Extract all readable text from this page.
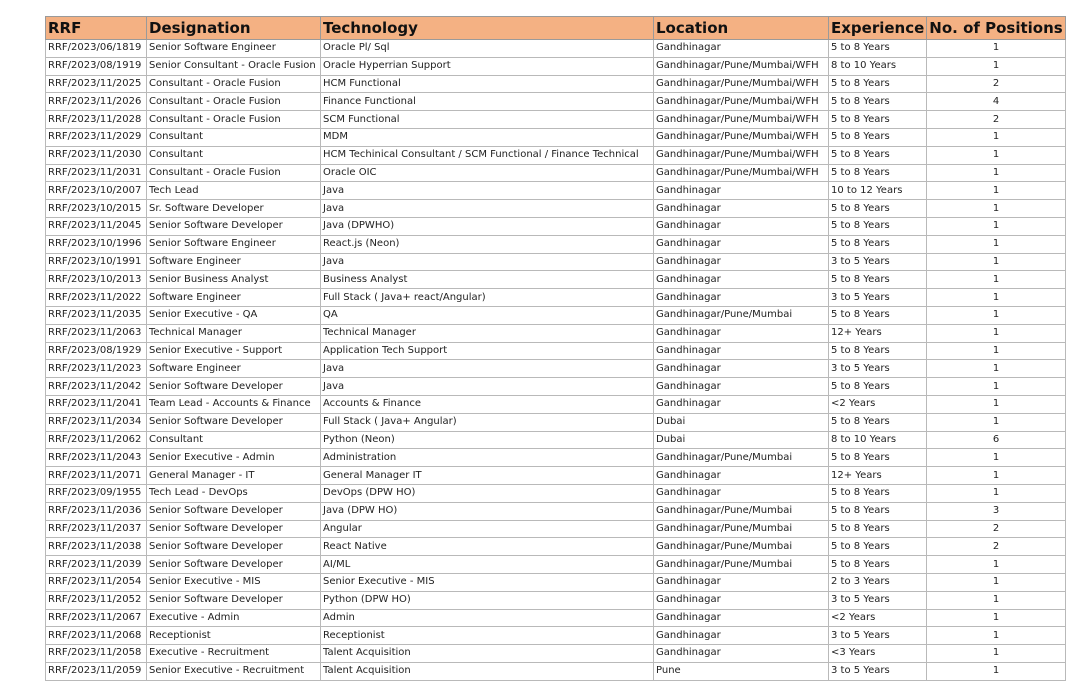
RRF	Designation	Technology	Location	Experience	No. of Positions
RRF/2023/06/1819	Senior Software Engineer	Oracle Pl/ Sql	Gandhinagar	5 to 8 Years	1
RRF/2023/08/1919	Senior Consultant - Oracle Fusion	Oracle Hyperrian Support	Gandhinagar/Pune/Mumbai/WFH	8 to 10 Years	1
RRF/2023/11/2025	Consultant - Oracle Fusion	HCM Functional	Gandhinagar/Pune/Mumbai/WFH	5 to 8 Years	2
RRF/2023/11/2026	Consultant - Oracle Fusion	Finance Functional	Gandhinagar/Pune/Mumbai/WFH	5 to 8 Years	4
RRF/2023/11/2028	Consultant - Oracle Fusion	SCM Functional	Gandhinagar/Pune/Mumbai/WFH	5 to 8 Years	2
RRF/2023/11/2029	Consultant	MDM	Gandhinagar/Pune/Mumbai/WFH	5 to 8 Years	1
RRF/2023/11/2030	Consultant	HCM Techinical Consultant / SCM Functional / Finance Technical	Gandhinagar/Pune/Mumbai/WFH	5 to 8 Years	1
RRF/2023/11/2031	Consultant - Oracle Fusion	Oracle OIC	Gandhinagar/Pune/Mumbai/WFH	5 to 8 Years	1
RRF/2023/10/2007	Tech Lead	Java	Gandhinagar	10 to 12 Years	1
RRF/2023/10/2015	Sr. Software Developer	Java	Gandhinagar	5 to 8 Years	1
RRF/2023/11/2045	Senior Software Developer	Java (DPWHO)	Gandhinagar	5 to 8 Years	1
RRF/2023/10/1996	Senior Software Engineer	React.js (Neon)	Gandhinagar	5 to 8 Years	1
RRF/2023/10/1991	Software Engineer	Java	Gandhinagar	3 to 5 Years	1
RRF/2023/10/2013	Senior Business Analyst	Business Analyst	Gandhinagar	5 to 8 Years	1
RRF/2023/11/2022	Software Engineer	Full Stack ( Java+ react/Angular)	Gandhinagar	3 to 5 Years	1
RRF/2023/11/2035	Senior Executive - QA	QA	Gandhinagar/Pune/Mumbai	5 to 8 Years	1
RRF/2023/11/2063	Technical Manager	Technical Manager	Gandhinagar	12+ Years	1
RRF/2023/08/1929	Senior Executive - Support	Application Tech Support	Gandhinagar	5 to 8 Years	1
RRF/2023/11/2023	Software Engineer	Java	Gandhinagar	3 to 5 Years	1
RRF/2023/11/2042	Senior Software Developer	Java	Gandhinagar	5 to 8 Years	1
RRF/2023/11/2041	Team Lead - Accounts & Finance	Accounts & Finance	Gandhinagar	<2 Years	1
RRF/2023/11/2034	Senior Software Developer	Full Stack ( Java+ Angular)	Dubai	5 to 8 Years	1
RRF/2023/11/2062	Consultant	Python (Neon)	Dubai	8 to 10 Years	6
RRF/2023/11/2043	Senior Executive - Admin	Administration	Gandhinagar/Pune/Mumbai	5 to 8 Years	1
RRF/2023/11/2071	General Manager - IT	General Manager IT	Gandhinagar	12+ Years	1
RRF/2023/09/1955	Tech Lead - DevOps	DevOps (DPW HO)	Gandhinagar	5 to 8 Years	1
RRF/2023/11/2036	Senior Software Developer	Java (DPW HO)	Gandhinagar/Pune/Mumbai	5 to 8 Years	3
RRF/2023/11/2037	Senior Software Developer	Angular	Gandhinagar/Pune/Mumbai	5 to 8 Years	2
RRF/2023/11/2038	Senior Software Developer	React Native	Gandhinagar/Pune/Mumbai	5 to 8 Years	2
RRF/2023/11/2039	Senior Software Developer	AI/ML	Gandhinagar/Pune/Mumbai	5 to 8 Years	1
RRF/2023/11/2054	Senior Executive - MIS	Senior Executive - MIS	Gandhinagar	2 to 3 Years	1
RRF/2023/11/2052	Senior Software Developer	Python (DPW HO)	Gandhinagar	3 to 5 Years	1
RRF/2023/11/2067	Executive - Admin	Admin	Gandhinagar	<2 Years	1
RRF/2023/11/2068	Receptionist	Receptionist	Gandhinagar	3 to 5 Years	1
RRF/2023/11/2058	Executive - Recruitment	Talent Acquisition	Gandhinagar	<3 Years	1
RRF/2023/11/2059	Senior Executive - Recruitment	Talent Acquisition	Pune	3 to 5 Years	1
